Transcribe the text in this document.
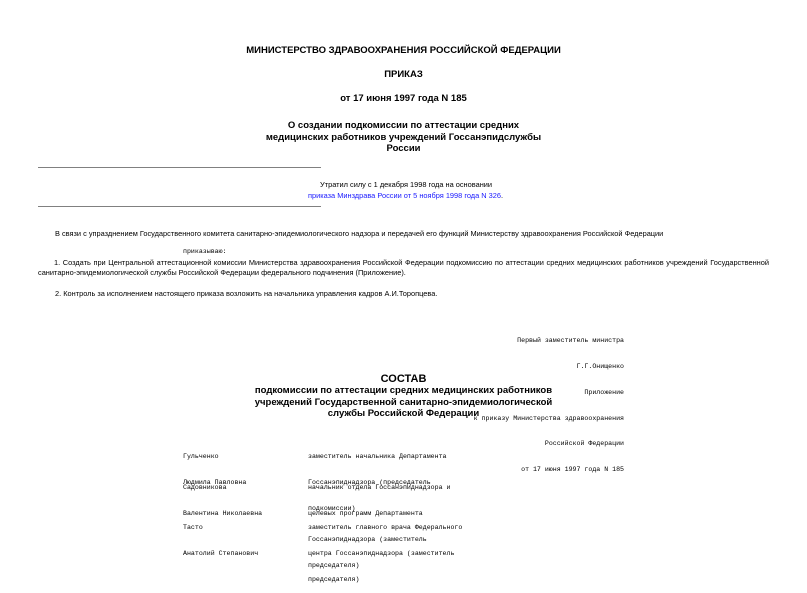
МИНИСТЕРСТВО ЗДРАВООХРАНЕНИЯ РОССИЙСКОЙ ФЕДЕРАЦИИ
ПРИКАЗ
от 17 июня 1997 года N 185
О создании подкомиссии по аттестации средних
медицинских работников учреждений Госсанэпидслужбы
России
Утратил силу с 1 декабря 1998 года на основании
приказа Минздрава России от 5 ноября 1998 года N 326.
В связи с упразднением Государственного комитета санитарно-эпидемиологического надзора и передачей его функций Министерству здравоохранения Российской Федерации
приказываю:
1. Создать при Центральной аттестационной комиссии Министерства здравоохранения Российской Федерации подкомиссию по аттестации средних медицинских работников учреждений Государственной санитарно-эпидемиологической службы Российской Федерации федерального подчинения (Приложение).
2. Контроль за исполнением настоящего приказа возложить на начальника управления кадров А.И.Торопцева.

Первый заместитель министра

Г.Г.Онищенко

Приложение

к приказу Министерства здравоохранения

Российской Федерации

от 17 июня 1997 года N 185

СОСТАВ
подкомиссии по аттестации средних медицинских работников
учреждений Государственной санитарно-эпидемиологической
службы Российской Федерации

Гульченко

Людмила Павловна

заместитель начальника Департамента

Госсанэпиднадзора (председатель

подкомиссии)

Садовникова

Валентина Николаевна

начальник отдела Госсанэпиднадзора и

целевых программ Департамента

Госсанэпиднадзора (заместитель

председателя)

Тасто

Анатолий Степанович

заместитель главного врача Федерального

центра Госсанэпиднадзора (заместитель

председателя)
